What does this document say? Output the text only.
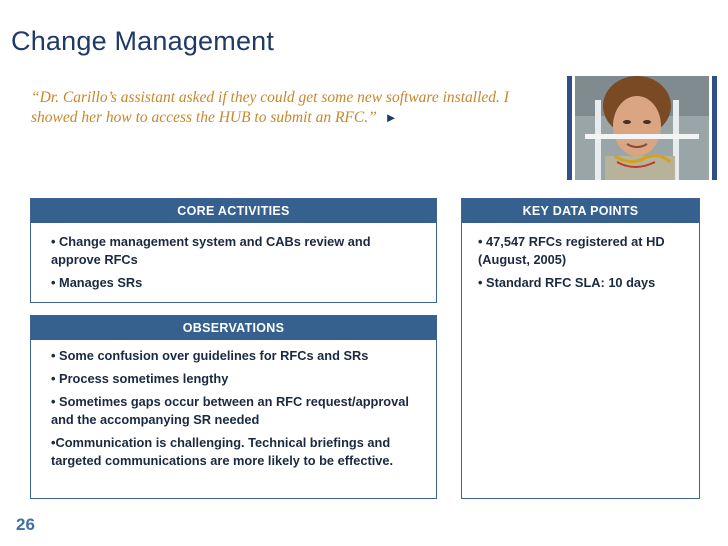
Change Management
“Dr. Carillo’s assistant asked if they could get some new software installed. I showed her how to access the HUB to submit an RFC.” ►
CORE ACTIVITIES

• Change management system and CABs review and approve RFCs

• Manages SRs

OBSERVATIONS

• Some confusion over guidelines for RFCs and SRs

• Process sometimes lengthy

• Sometimes gaps occur between an RFC request/approval and the accompanying SR needed

•Communication is challenging. Technical briefings and targeted communications are more likely to be effective.

KEY DATA POINTS

• 47,547 RFCs registered at HD (August, 2005)

• Standard RFC SLA: 10 days

26
